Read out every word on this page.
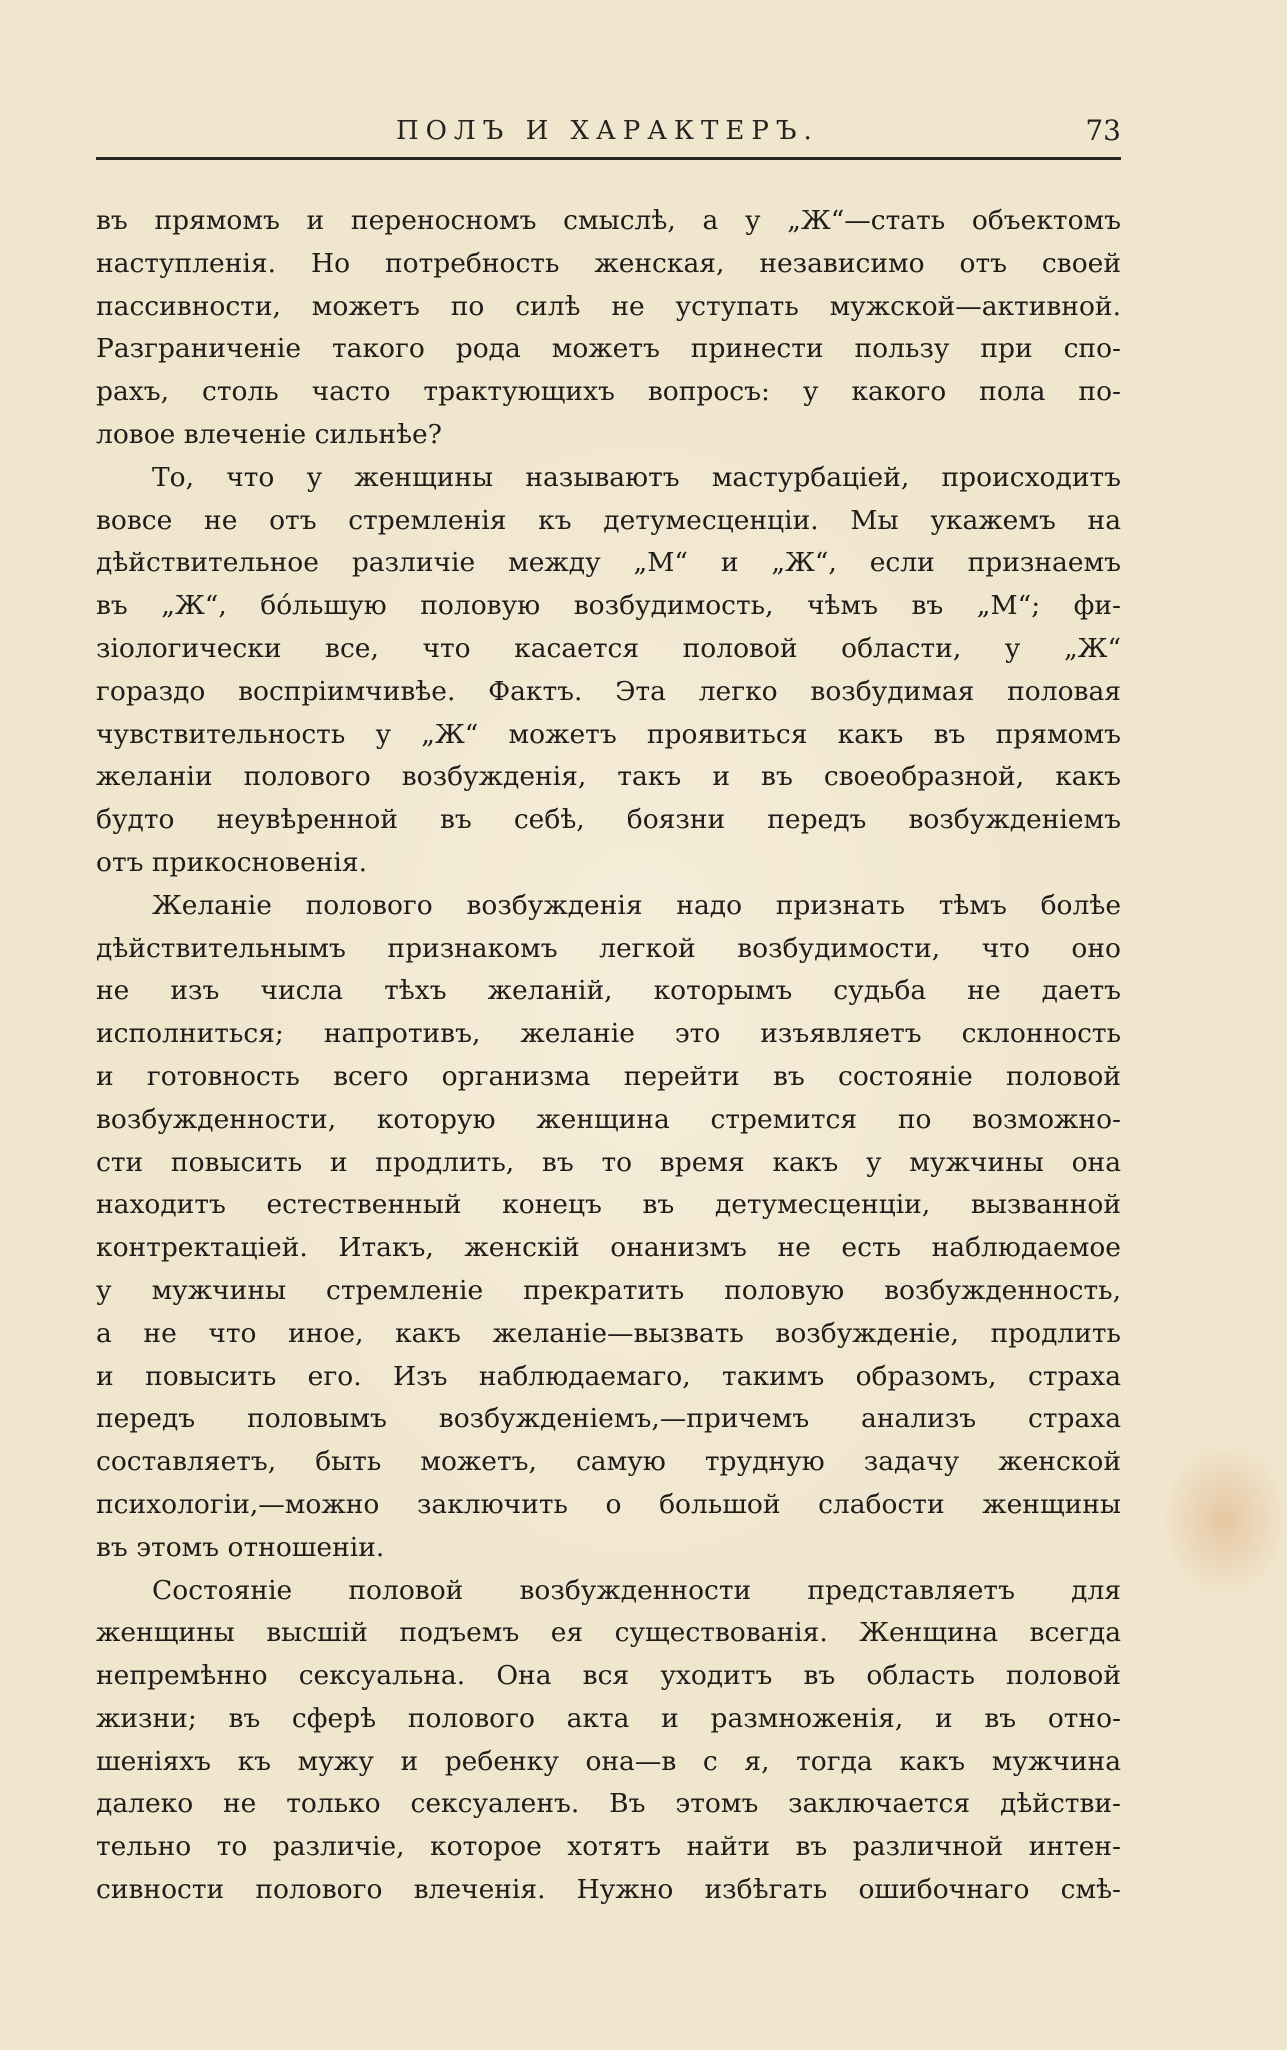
ПОЛЪ И ХАРАКТЕРЪ.	73
въ прямомъ и переносномъ смыслѣ, а у „Ж“—стать объектомъ
наступленія. Но потребность женская, независимо отъ своей
пассивности, можетъ по силѣ не уступать мужской—активной.
Разграниченіе такого рода можетъ принести пользу при спо-
рахъ, столь часто трактующихъ вопросъ: у какого пола по-
ловое влеченіе сильнѣе?
То, что у женщины называютъ мастурбаціей, происходитъ
вовсе не отъ стремленія къ детумесценціи. Мы укажемъ на
дѣйствительное различіе между „М“ и „Ж“, если признаемъ
въ „Ж“, бо́льшую половую возбудимость, чѣмъ въ „М“; фи-
зіологически все, что касается половой области, у „Ж“
гораздо воспріимчивѣе. Фактъ. Эта легко возбудимая половая
чувствительность у „Ж“ можетъ проявиться какъ въ прямомъ
желаніи полового возбужденія, такъ и въ своеобразной, какъ
будто неувѣренной въ себѣ, боязни передъ возбужденіемъ
отъ прикосновенія.
Желаніе полового возбужденія надо признать тѣмъ болѣе
дѣйствительнымъ признакомъ легкой возбудимости, что оно
не изъ числа тѣхъ желаній, которымъ судьба не даетъ
исполниться; напротивъ, желаніе это изъявляетъ склонность
и готовность всего организма перейти въ состояніе половой
возбужденности, которую женщина стремится по возможно-
сти повысить и продлить, въ то время какъ у мужчины она
находитъ естественный конецъ въ детумесценціи, вызванной
контректаціей. Итакъ, женскій онанизмъ не есть наблюдаемое
у мужчины стремленіе прекратить половую возбужденность,
а не что иное, какъ желаніе—вызвать возбужденіе, продлить
и повысить его. Изъ наблюдаемаго, такимъ образомъ, страха
передъ половымъ возбужденіемъ,—причемъ анализъ страха
составляетъ, быть можетъ, самую трудную задачу женской
психологіи,—можно заключить о большой слабости женщины
въ этомъ отношеніи.
Состояніе половой возбужденности представляетъ для
женщины высшій подъемъ ея существованія. Женщина всегда
непремѣнно сексуальна. Она вся уходитъ въ область половой
жизни; въ сферѣ полового акта и размноженія, и въ отно-
шеніяхъ къ мужу и ребенку она—в с я, тогда какъ мужчина
далеко не только сексуаленъ. Въ этомъ заключается дѣйстви-
тельно то различіе, которое хотятъ найти въ различной интен-
сивности полового влеченія. Нужно избѣгать ошибочнаго смѣ-
